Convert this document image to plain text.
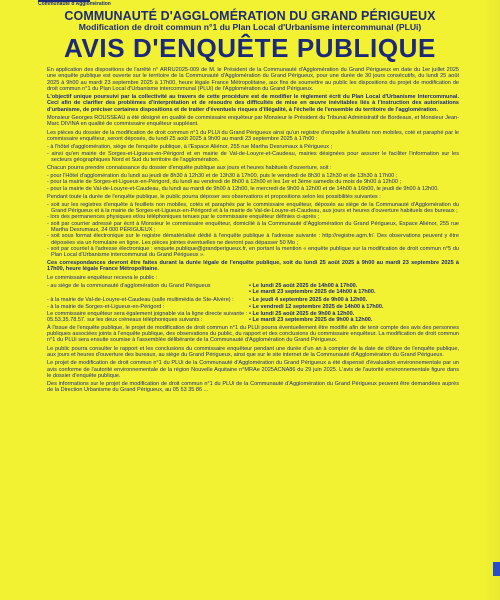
Communauté d'Agglomération
COMMUNAUTÉ D'AGGLOMÉRATION DU GRAND PÉRIGUEUX
Modification de droit commun n°1 du Plan Local d'Urbanisme intercommunal (PLUi)
AVIS D'ENQUÊTE PUBLIQUE

En application des dispositions de l'arrêté n° ARRU2025-009 de M. le Président de la Communauté d'Agglomération du Grand Périgueux en date du 1er juillet 2025 une enquête publique est ouverte sur le territoire de la Communauté d'Agglomération du Grand Périgueux, pour une durée de 30 jours consécutifs, du lundi 25 août 2025 à 9h00 au mardi 23 septembre 2025 à 17h00, heure légale France Métropolitaine, aux fins de soumettre au public les dispositions du projet de modification de droit commun n°1 du Plan Local d'Urbanisme intercommunal (PLUi) de l'Agglomération du Grand Périgueux.

L'objectif unique poursuivi par la collectivité au travers de cette procédure est de modifier le règlement écrit du Plan Local d'Urbanisme Intercommunal. Ceci afin de clarifier des problèmes d'interprétation et de résoudre des difficultés de mise en œuvre inévitables liés à l'instruction des autorisations d'urbanisme, de préciser certaines dispositions et de traiter d'éventuels risques d'illégalité, à l'échelle de l'ensemble du territoire de l'agglomération.

Monsieur Georges ROUSSEAU a été désigné en qualité de commissaire enquêteur par Monsieur le Président du Tribunal Administratif de Bordeaux, et Monsieur Jean-Marc DIVINA en qualité de commissaire enquêteur suppléant.

Les pièces du dossier de la modification de droit commun n°1 du PLUi du Grand Périgueux ainsi qu'un registre d'enquête à feuillets non mobiles, coté et paraphé par le commissaire enquêteur, seront déposés, du lundi 25 août 2025 à 9h00 au mardi 23 septembre 2025 à 17h00 :

- à l'hôtel d'agglomération, siège de l'enquête publique, à l'Espace Aliénor, 255 rue Martha Desrumaux à Périgueux ;
- ainsi qu'en mairie de Sorges-et-Ligueux-en-Périgord et en mairie de Val-de-Louyre-et-Caudeau, mairies désignées pour assurer le faciliter l'information sur les secteurs géographiques Nord et Sud du territoire de l'agglomération.

Chacun pourra prendre connaissance du dossier d'enquête publique aux jours et heures habituels d'ouverture, soit :

- pour l'Hôtel d'agglomération du lundi au jeudi de 8h30 à 12h30 et de 13h30 à 17h00, puis le vendredi de 8h30 à 12h30 et de 13h30 à 17h00 ;
- pour la mairie de Sorges-et-Ligueux-en-Périgord, du lundi au vendredi de 8h00 à 12h00 et les 1er et 3ème samedis du mois de 9h00 à 12h00 ;
- pour la mairie de Val-de-Louyre-et-Caudeau, du lundi au mardi de 9h00 à 12h00, le mercredi de 9h00 à 12h00 et de 14h00 à 16h00, le jeudi de 9h00 à 12h00.

Pendant toute la durée de l'enquête publique, le public pourra déposer ses observations et propositions selon les possibilités suivantes :

- soit sur les registres d'enquête à feuillets non mobiles, cotés et paraphés par le commissaire enquêteur, déposés au siège de la Communauté d'Agglomération du Grand Périgueux et à la mairie de Sorges-et-Ligueux-en-Périgord et à la mairie de Val-de-Louyre-et-Caudeau, aux jours et heures d'ouverture habituels des bureaux ;
- lors des permanences physiques et/ou téléphoniques tenues par le commissaire enquêteur définies ci-après ;
- soit par courrier adressé par écrit à Monsieur le commissaire enquêteur, domicilié à la Communauté d'Agglomération du Grand Périgueux, Espace Aliénor, 255 rue Martha Desrumaux, 24 000 PÉRIGUEUX ;
- soit sous format électronique sur le registre dématérialisé dédié à l'enquête publique à l'adresse suivante : http://registre.agm.fr/. Des observations peuvent y être déposées via un formulaire en ligne. Les pièces jointes éventuelles ne devront pas dépasser 50 Mo ;
- soit par courriel à l'adresse électronique : enquete.publique@grandperigueux.fr, en portant la mention « enquête publique sur la modification de droit commun n°5 du Plan Local d'Urbanisme intercommunal du Grand Périgueux ».

Ces correspondances devront être faites durant la durée légale de l'enquête publique, soit du lundi 25 août 2025 à 9h00 au mardi 23 septembre 2025 à 17h00, heure légale France Métropolitaine.

Le commissaire enquêteur recevra le public :

- au siège de la communauté d'agglomération du Grand Périgueux	• Le lundi 25 août 2025 de 14h00 à 17h00.
• Le mardi 23 septembre 2025 de 14h00 à 17h00.
- à la mairie de Val-de-Louyre-et-Caudeau (salle multimédia de Ste-Alvère) :	• Le jeudi 4 septembre 2025 de 9h00 à 12h00.
- à la mairie de Sorges-et-Ligueux-en-Périgord :	• Le vendredi 12 septembre 2025 de 14h00 à 17h00.
Le commissaire enquêteur sera également joignable via la ligne directe suivante : 05.53.35.78.57. sur les deux créneaux téléphoniques suivants :
• Le lundi 25 août 2025 de 9h00 à 12h00.
• Le mardi 23 septembre 2025 de 9h00 à 12h00.

À l'issue de l'enquête publique, le projet de modification de droit commun n°1 du PLUi pourra éventuellement être modifié afin de tenir compte des avis des personnes publiques associées joints à l'enquête publique, des observations du public, du rapport et des conclusions du commissaire enquêteur. La modification de droit commun n°1 du PLUi sera ensuite soumise à l'assemblée délibérante de la Communauté d'Agglomération du Grand Périgueux.

Le public pourra consulter le rapport et les conclusions du commissaire enquêteur pendant une durée d'un an à compter de la date de clôture de l'enquête publique, aux jours et heures d'ouverture des bureaux, au siège du Grand Périgueux, ainsi que sur le site internet de la Communauté d'Agglomération du Grand Périgueux.

Le projet de modification de droit commun n°1 du PLUi de la Communauté d'Agglomération du Grand Périgueux a été dispensé d'évaluation environnementale par un avis conforme de l'autorité environnementale de la région Nouvelle Aquitaine n°MRAe 2025ACNA86 du 29 juin 2025. L'avis de l'autorité environnementale figure dans le dossier d'enquête publique.

Des informations sur le projet de modification de droit commun n°1 du PLUi de la Communauté d'Agglomération du Grand Périgueux peuvent être demandées auprès de la Direction Urbanisme du Grand Périgueux, au 05 53 35 86 ...
